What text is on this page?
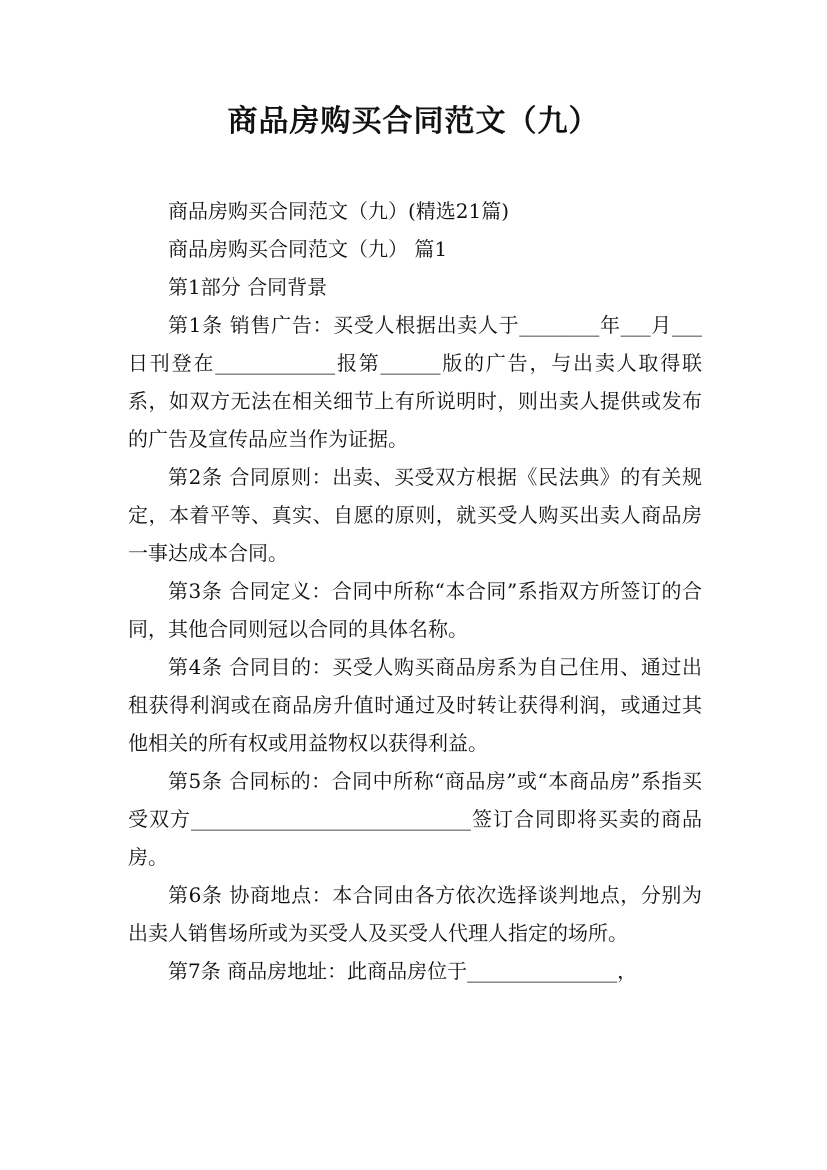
商品房购买合同范文（九）

商品房购买合同范文（九）(精选21篇)

商品房购买合同范文（九） 篇1

第1部分 合同背景

第1条 销售广告：买受人根据出卖人于________年___月___日刊登在____________报第______版的广告，与出卖人取得联系，如双方无法在相关细节上有所说明时，则出卖人提供或发布的广告及宣传品应当作为证据。

第2条 合同原则：出卖、买受双方根据《民法典》的有关规定，本着平等、真实、自愿的原则，就买受人购买出卖人商品房一事达成本合同。

第3条 合同定义：合同中所称“本合同”系指双方所签订的合同，其他合同则冠以合同的具体名称。

第4条 合同目的：买受人购买商品房系为自己住用、通过出租获得利润或在商品房升值时通过及时转让获得利润，或通过其他相关的所有权或用益物权以获得利益。

第5条 合同标的：合同中所称“商品房”或“本商品房”系指买受双方____________________________签订合同即将买卖的商品房。

第6条 协商地点：本合同由各方依次选择谈判地点，分别为出卖人销售场所或为买受人及买受人代理人指定的场所。

第7条 商品房地址：此商品房位于_______________，
